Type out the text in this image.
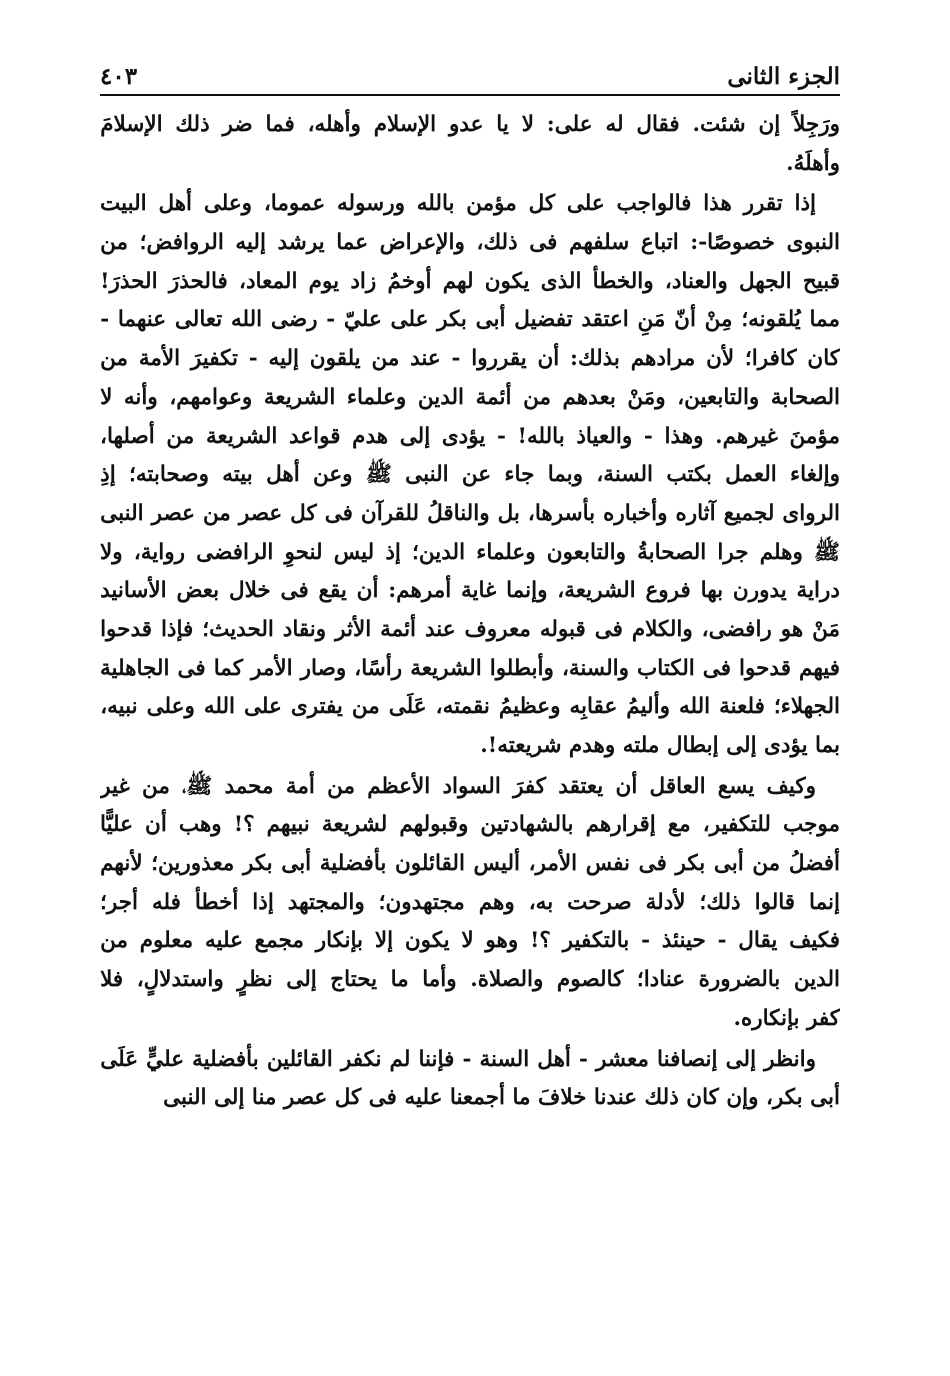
الجزء الثانى
٤٠٣
ورَجِلاً
إن
شئت.
فقال
له
على:
لا
يا
عدو
الإسلام
وأهله،
فما
ضر
ذلك
الإسلامَ
وأهلَهُ.
إذا
تقرر
هذا
فالواجب
على
كل
مؤمن
بالله
ورسوله
عموما،
وعلى
أهل
البيت
النبوى
خصوصًا-:
اتباع
سلفهم
فى
ذلك،
والإعراض
عما
يرشد
إليه
الروافض؛
من
قبيح
الجهل
والعناد،
والخطأ
الذى
يكون
لهم
أوخمُ
زاد
يوم
المعاد،
فالحذرَ
الحذرَ!
مما
يُلقونه؛
مِنْ
أنّ
مَنِ
اعتقد
تفضيل
أبى
بكر
على
عليّ
-
رضى
الله
تعالى
عنهما
-
كان
كافرا؛
لأن
مرادهم
بذلك:
أن
يقرروا
-
عند
من
يلقون
إليه
-
تكفيرَ
الأمة
من
الصحابة
والتابعين،
ومَنْ
بعدهم
من
أئمة
الدين
وعلماء
الشريعة
وعوامهم،
وأنه
لا
مؤمنَ
غيرهم.
وهذا
-
والعياذ
بالله!
-
يؤدى
إلى
هدم
قواعد
الشريعة
من
أصلها،
وإلغاء
العمل
بكتب
السنة،
وبما
جاء
عن
النبى
ﷺ
وعن
أهل
بيته
وصحابته؛
إذِ
الرواى
لجميع
آثاره
وأخباره
بأسرها،
بل
والناقلُ
للقرآن
فى
كل
عصر
من
عصر
النبى
ﷺ
وهلم
جرا
الصحابةُ
والتابعون
وعلماء
الدين؛
إذ
ليس
لنحوِ
الرافضى
رواية،
ولا
دراية
يدورن
بها
فروع
الشريعة،
وإنما
غاية
أمرهم:
أن
يقع
فى
خلال
بعض
الأسانيد
مَنْ
هو
رافضى،
والكلام
فى
قبوله
معروف
عند
أئمة
الأثر
ونقاد
الحديث؛
فإذا
قدحوا
فيهم
قدحوا
فى
الكتاب
والسنة،
وأبطلوا
الشريعة
رأسًا،
وصار
الأمر
كما
فى
الجاهلية
الجهلاء؛
فلعنة
الله
وأليمُ
عقابِه
وعظيمُ
نقمته،
عَلَى
من
يفترى
على
الله
وعلى
نبيه،
بما يؤدى إلى إبطال ملته وهدم شريعته!.
وكيف
يسع
العاقل
أن
يعتقد
كفرَ
السواد
الأعظم
من
أمة
محمد
ﷺ،
من
غير
موجب
للتكفير،
مع
إقرارهم
بالشهادتين
وقبولهم
لشريعة
نبيهم
؟!
وهب
أن
عليًّا
أفضلُ
من
أبى
بكر
فى
نفس
الأمر،
أليس
القائلون
بأفضلية
أبى
بكر
معذورين؛
لأنهم
إنما
قالوا
ذلك؛
لأدلة
صرحت
به،
وهم
مجتهدون؛
والمجتهد
إذا
أخطأ
فله
أجر؛
فكيف
يقال
-
حينئذ
-
بالتكفير
؟!
وهو
لا
يكون
إلا
بإنكار
مجمع
عليه
معلوم
من
الدين
بالضرورة
عنادا؛
كالصوم
والصلاة.
وأما
ما
يحتاج
إلى
نظرٍ
واستدلالٍ،
فلا
كفر بإنكاره.
وانظر
إلى
إنصافنا
معشر
-
أهل
السنة
-
فإننا
لم
نكفر
القائلين
بأفضلية
عليٍّ
عَلَى
أبى بكر، وإن كان ذلك عندنا خلافَ ما أجمعنا عليه فى كل عصر منا إلى النبى
